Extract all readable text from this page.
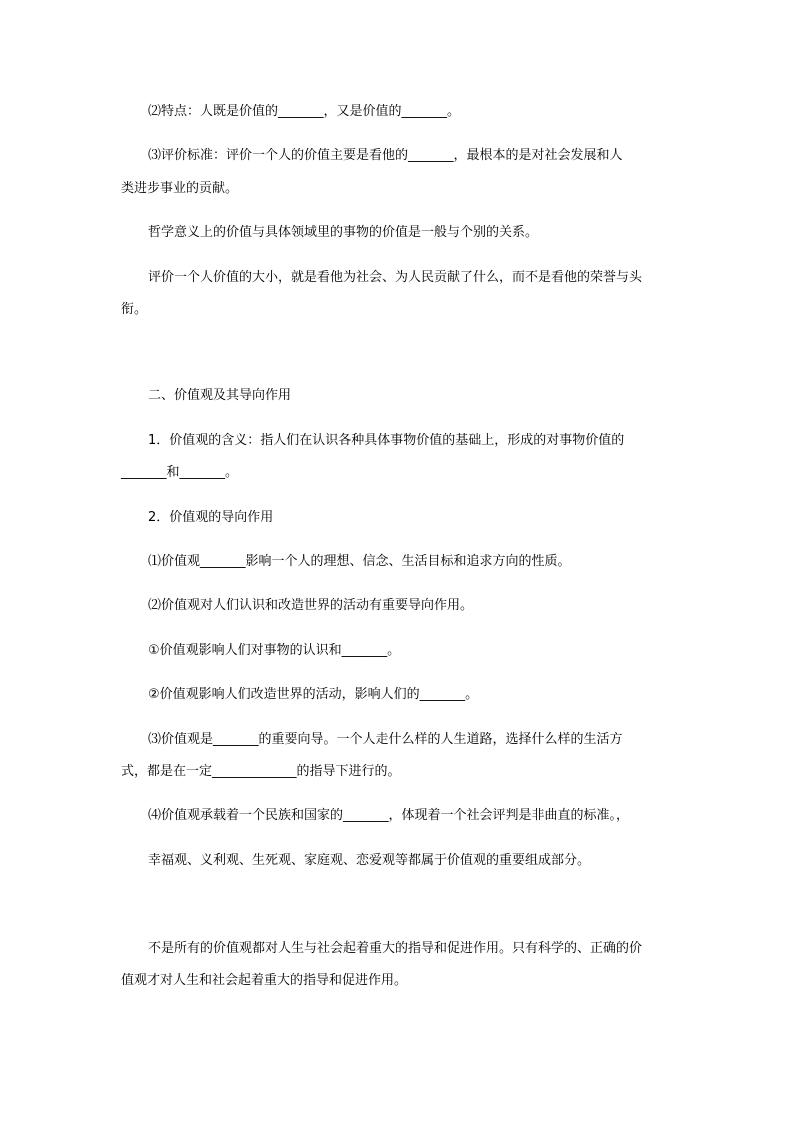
⑵特点：人既是价值的_______，又是价值的_______。
⑶评价标准：评价一个人的价值主要是看他的_______，最根本的是对社会发展和人
类进步事业的贡献。
哲学意义上的价值与具体领域里的事物的价值是一般与个别的关系。
评价一个人价值的大小，就是看他为社会、为人民贡献了什么，而不是看他的荣誉与头
衔。
二、价值观及其导向作用
1．价值观的含义：指人们在认识各种具体事物价值的基础上，形成的对事物价值的
_______和_______。
2．价值观的导向作用
⑴价值观_______影响一个人的理想、信念、生活目标和追求方向的性质。
⑵价值观对人们认识和改造世界的活动有重要导向作用。
①价值观影响人们对事物的认识和_______。
②价值观影响人们改造世界的活动，影响人们的_______。
⑶价值观是_______的重要向导。一个人走什么样的人生道路，选择什么样的生活方
式，都是在一定_____________的指导下进行的。
⑷价值观承载着一个民族和国家的_______，体现着一个社会评判是非曲直的标准。，
幸福观、义利观、生死观、家庭观、恋爱观等都属于价值观的重要组成部分。
不是所有的价值观都对人生与社会起着重大的指导和促进作用。只有科学的、正确的价
值观才对人生和社会起着重大的指导和促进作用。
